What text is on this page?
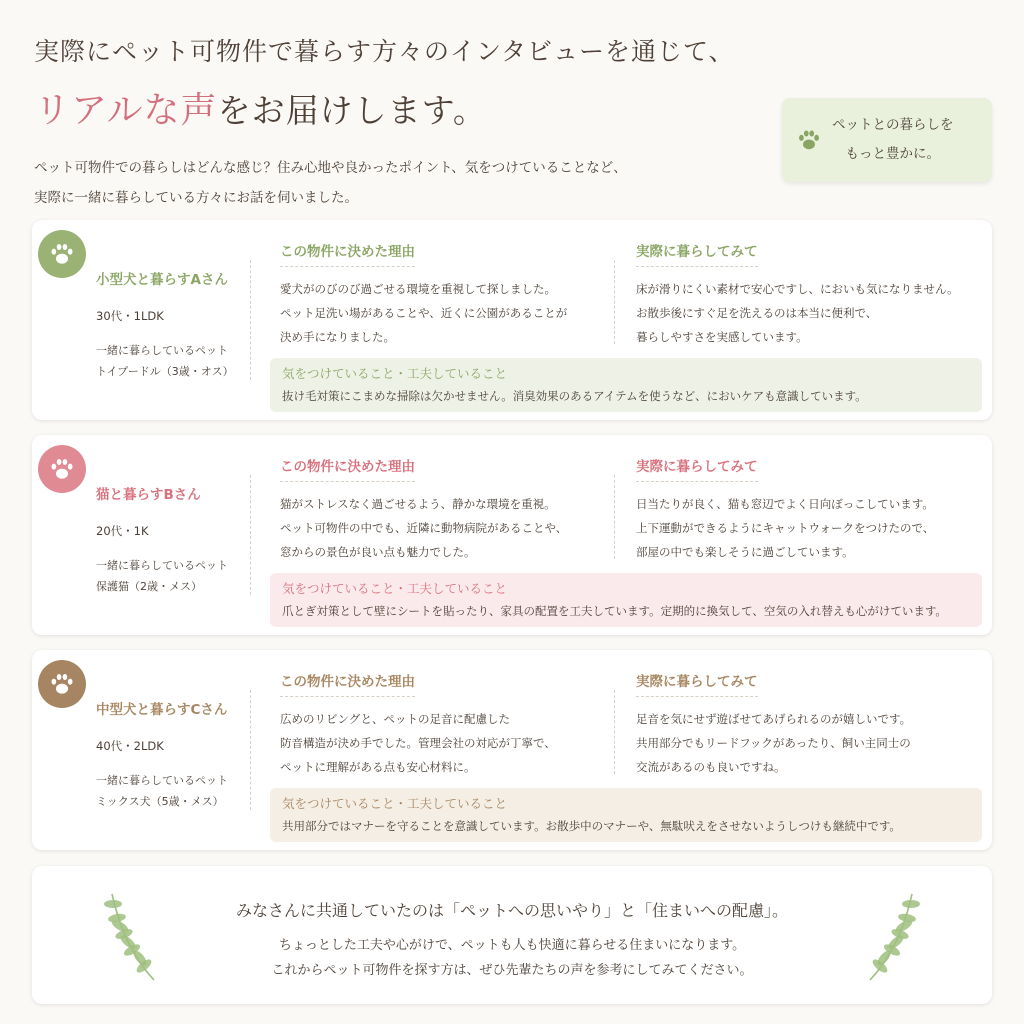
実際にペット可物件で暮らす方々のインタビューを通じて、
リアルな声をお届けします。
ペット可物件での暮らしはどんな感じ？住み心地や良かったポイント、気をつけていることなど、
実際に一緒に暮らしている方々にお話を伺いました。
ペットとの暮らしを
もっと豊かに。
小型犬と暮らすAさん
30代・1LDK
一緒に暮らしているペット
トイプードル（3歳・オス）
この物件に決めた理由
愛犬がのびのび過ごせる環境を重視して探しました。
ペット足洗い場があることや、近くに公園があることが
決め手になりました。
実際に暮らしてみて
床が滑りにくい素材で安心ですし、においも気になりません。
お散歩後にすぐ足を洗えるのは本当に便利で、
暮らしやすさを実感しています。
気をつけていること・工夫していること
抜け毛対策にこまめな掃除は欠かせません。消臭効果のあるアイテムを使うなど、においケアも意識しています。
猫と暮らすBさん
20代・1K
一緒に暮らしているペット
保護猫（2歳・メス）
この物件に決めた理由
猫がストレスなく過ごせるよう、静かな環境を重視。
ペット可物件の中でも、近隣に動物病院があることや、
窓からの景色が良い点も魅力でした。
実際に暮らしてみて
日当たりが良く、猫も窓辺でよく日向ぼっこしています。
上下運動ができるようにキャットウォークをつけたので、
部屋の中でも楽しそうに過ごしています。
気をつけていること・工夫していること
爪とぎ対策として壁にシートを貼ったり、家具の配置を工夫しています。定期的に換気して、空気の入れ替えも心がけています。
中型犬と暮らすCさん
40代・2LDK
一緒に暮らしているペット
ミックス犬（5歳・メス）
この物件に決めた理由
広めのリビングと、ペットの足音に配慮した
防音構造が決め手でした。管理会社の対応が丁寧で、
ペットに理解がある点も安心材料に。
実際に暮らしてみて
足音を気にせず遊ばせてあげられるのが嬉しいです。
共用部分でもリードフックがあったり、飼い主同士の
交流があるのも良いですね。
気をつけていること・工夫していること
共用部分ではマナーを守ることを意識しています。お散歩中のマナーや、無駄吠えをさせないようしつけも継続中です。
みなさんに共通していたのは「ペットへの思いやり」と「住まいへの配慮」。
ちょっとした工夫や心がけで、ペットも人も快適に暮らせる住まいになります。
これからペット可物件を探す方は、ぜひ先輩たちの声を参考にしてみてください。
